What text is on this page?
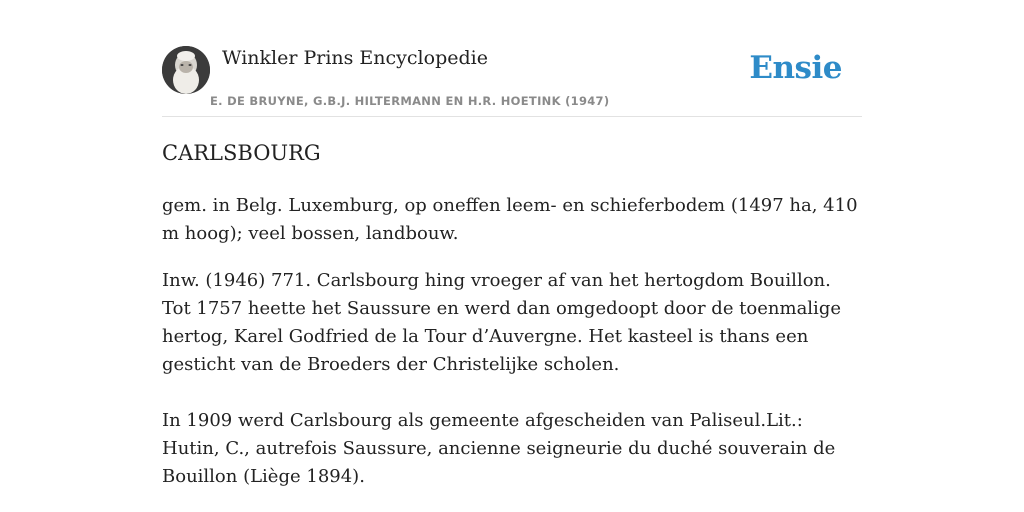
Winkler Prins Encyclopedie
E. DE BRUYNE, G.B.J. HILTERMANN EN H.R. HOETINK (1947)
Ensie
CARLSBOURG

gem. in Belg. Luxemburg, op oneffen leem- en schieferbodem (1497 ha, 410 m hoog); veel bossen, landbouw.

Inw. (1946) 771. Carlsbourg hing vroeger af van het hertogdom Bouillon. Tot 1757 heette het Saussure en werd dan omgedoopt door de toenmalige hertog, Karel Godfried de la Tour d’Auvergne. Het kasteel is thans een gesticht van de Broeders der Christelijke scholen.

In 1909 werd Carlsbourg als gemeente afgescheiden van Paliseul.Lit.: Hutin, C., autrefois Saussure, ancienne seigneurie du duché souverain de Bouillon (Liège 1894).
